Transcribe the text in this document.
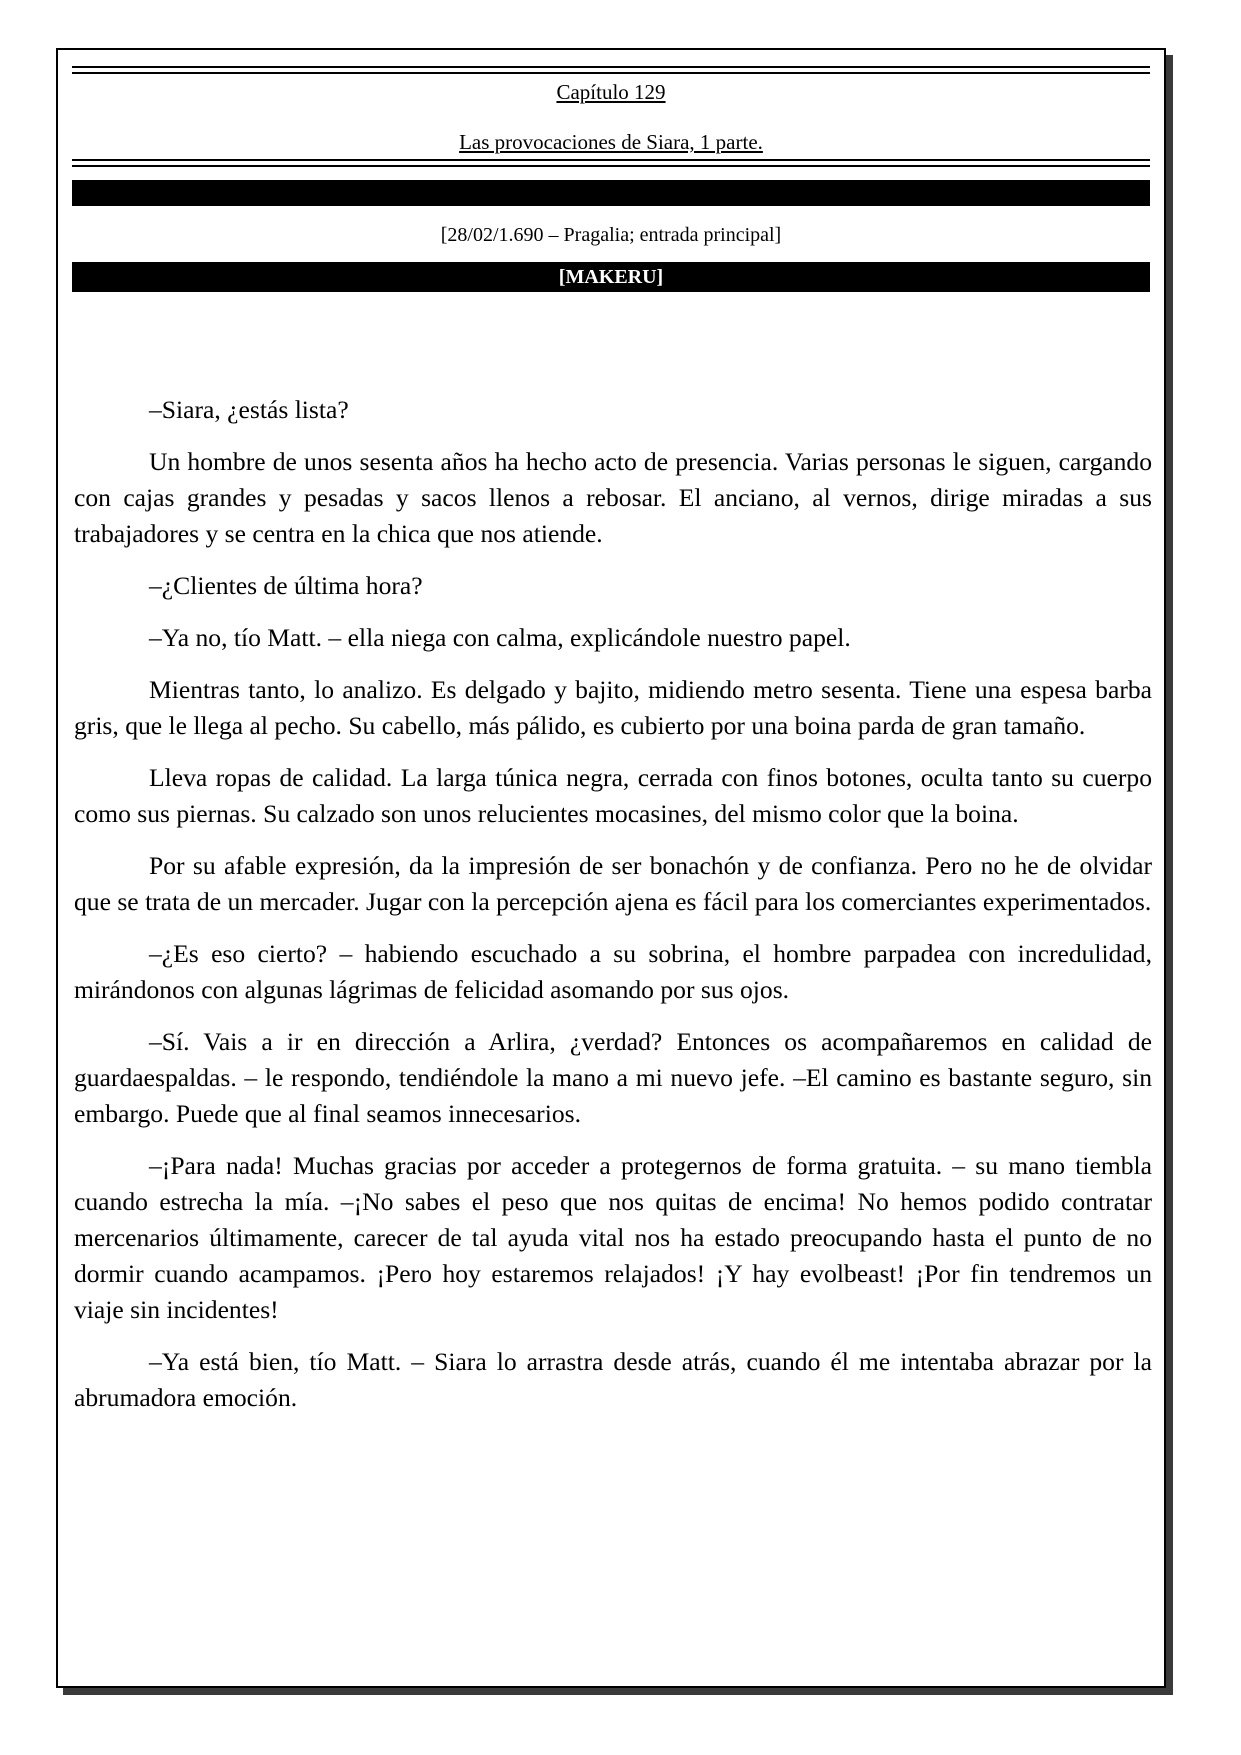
Capítulo 129
Las provocaciones de Siara, 1 parte.
[28/02/1.690 – Pragalia; entrada principal]
[MAKERU]

–Siara, ¿estás lista?

Un hombre de unos sesenta años ha hecho acto de presencia. Varias personas le siguen, cargando con cajas grandes y pesadas y sacos llenos a rebosar. El anciano, al vernos, dirige miradas a sus trabajadores y se centra en la chica que nos atiende.

–¿Clientes de última hora?

–Ya no, tío Matt. – ella niega con calma, explicándole nuestro papel.

Mientras tanto, lo analizo. Es delgado y bajito, midiendo metro sesenta. Tiene una espesa barba gris, que le llega al pecho. Su cabello, más pálido, es cubierto por una boina parda de gran tamaño.

Lleva ropas de calidad. La larga túnica negra, cerrada con finos botones, oculta tanto su cuerpo como sus piernas. Su calzado son unos relucientes mocasines, del mismo color que la boina.

Por su afable expresión, da la impresión de ser bonachón y de confianza. Pero no he de olvidar que se trata de un mercader. Jugar con la percepción ajena es fácil para los comerciantes experimentados.

–¿Es eso cierto? – habiendo escuchado a su sobrina, el hombre parpadea con incredulidad, mirándonos con algunas lágrimas de felicidad asomando por sus ojos.

–Sí. Vais a ir en dirección a Arlira, ¿verdad? Entonces os acompañaremos en calidad de guardaespaldas. – le respondo, tendiéndole la mano a mi nuevo jefe. –El camino es bastante seguro, sin embargo. Puede que al final seamos innecesarios.

–¡Para nada! Muchas gracias por acceder a protegernos de forma gratuita. – su mano tiembla cuando estrecha la mía. –¡No sabes el peso que nos quitas de encima! No hemos podido contratar mercenarios últimamente, carecer de tal ayuda vital nos ha estado preocupando hasta el punto de no dormir cuando acampamos. ¡Pero hoy estaremos relajados! ¡Y hay evolbeast! ¡Por fin tendremos un viaje sin incidentes!

–Ya está bien, tío Matt. – Siara lo arrastra desde atrás, cuando él me intentaba abrazar por la abrumadora emoción.
